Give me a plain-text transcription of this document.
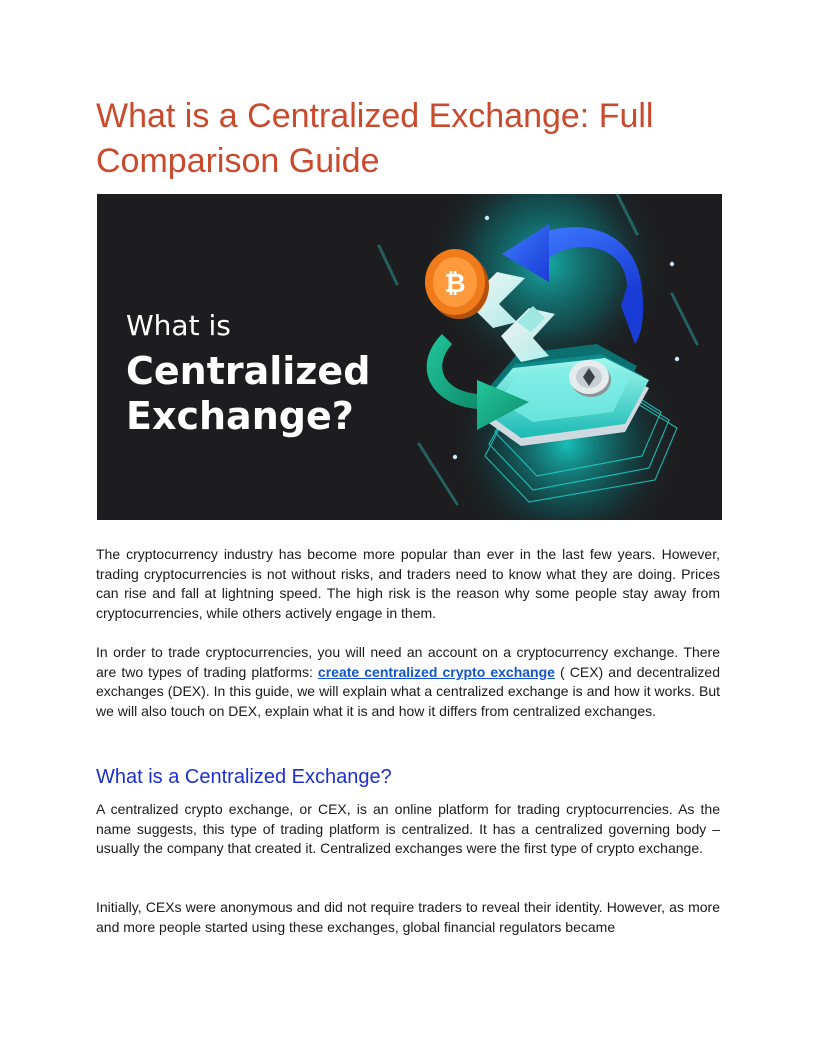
What is a Centralized Exchange: Full Comparison Guide
₿
What is
Centralized
Exchange?

The cryptocurrency industry has become more popular than ever in the last few years. However, trading cryptocurrencies is not without risks, and traders need to know what they are doing. Prices can rise and fall at lightning speed. The high risk is the reason why some people stay away from cryptocurrencies, while others actively engage in them.

In order to trade cryptocurrencies, you will need an account on a cryptocurrency exchange. There are two types of trading platforms: create centralized crypto exchange ( CEX) and decentralized exchanges (DEX). In this guide, we will explain what a centralized exchange is and how it works. But we will also touch on DEX, explain what it is and how it differs from centralized exchanges.

What is a Centralized Exchange?

A centralized crypto exchange, or CEX, is an online platform for trading cryptocurrencies. As the name suggests, this type of trading platform is centralized. It has a centralized governing body – usually the company that created it. Centralized exchanges were the first type of crypto exchange.

Initially, CEXs were anonymous and did not require traders to reveal their identity. However, as more and more people started using these exchanges, global financial regulators became
